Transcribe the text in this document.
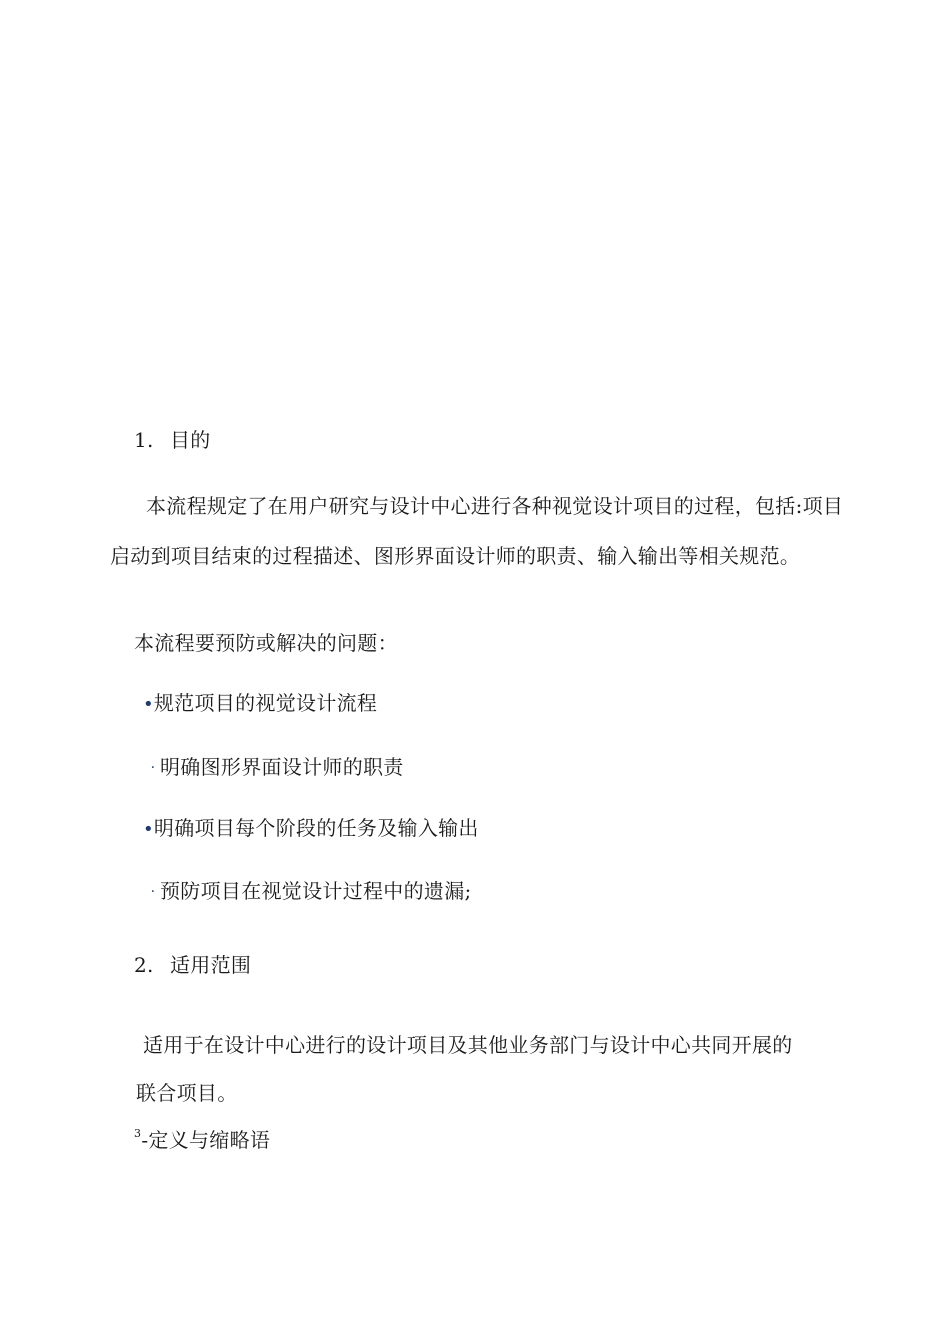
1. 目的
本流程规定了在用户研究与设计中心进行各种视觉设计项目的过程，包括:项目
启动到项目结束的过程描述、图形界面设计师的职责、输入输出等相关规范。
本流程要预防或解决的问题：
•规范项目的视觉设计流程
· 明确图形界面设计师的职责
•明确项目每个阶段的任务及输入输出
· 预防项目在视觉设计过程中的遗漏;
2. 适用范围
适用于在设计中心进行的设计项目及其他业务部门与设计中心共同开展的
联合项目。
$^3$-定义与缩略语
